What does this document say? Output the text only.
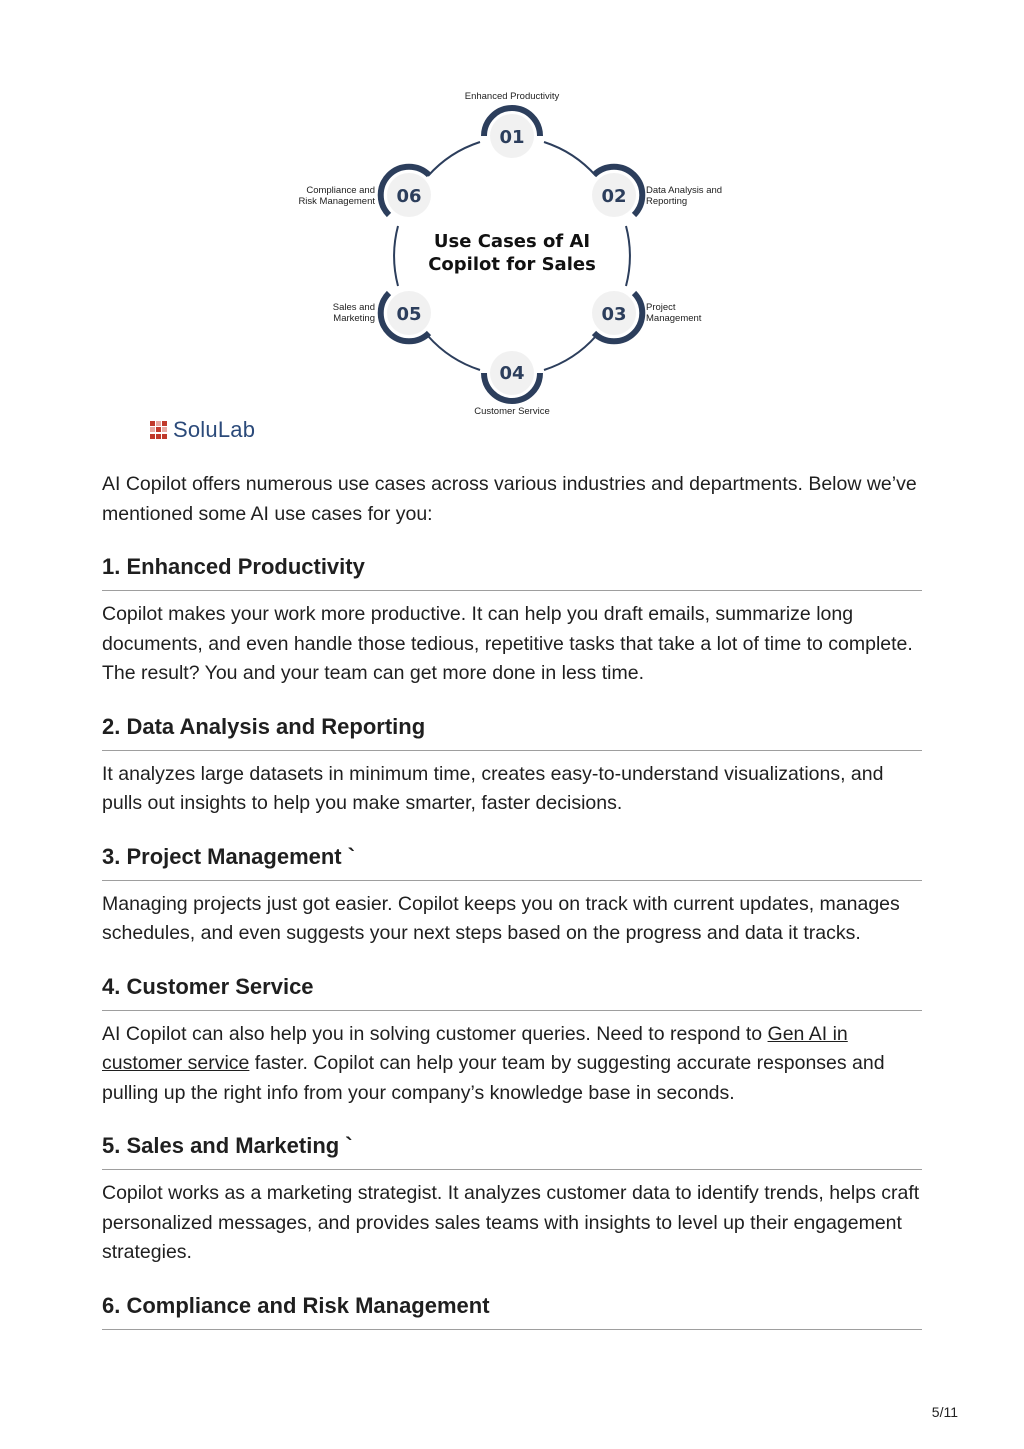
01
Enhanced Productivity
02 Data Analysis and
Reporting
03 Project
Management
04
Customer Service
05
Sales and
Marketing
06
Compliance and
Risk Management
Use Cases of AI
Copilot for Sales
SoluLab

AI Copilot offers numerous use cases across various industries and departments. Below we’ve mentioned some AI use cases for you:

1. Enhanced Productivity

Copilot makes your work more productive. It can help you draft emails, summarize long documents, and even handle those tedious, repetitive tasks that take a lot of time to complete. The result? You and your team can get more done in less time.

2. Data Analysis and Reporting

It analyzes large datasets in minimum time, creates easy-to-understand visualizations, and pulls out insights to help you make smarter, faster decisions.

3. Project Management `

Managing projects just got easier. Copilot keeps you on track with current updates, manages schedules, and even suggests your next steps based on the progress and data it tracks.

4. Customer Service

AI Copilot can also help you in solving customer queries. Need to respond to Gen AI in customer service faster. Copilot can help your team by suggesting accurate responses and pulling up the right info from your company’s knowledge base in seconds.

5. Sales and Marketing `

Copilot works as a marketing strategist. It analyzes customer data to identify trends, helps craft personalized messages, and provides sales teams with insights to level up their engagement strategies.

6. Compliance and Risk Management
5/11
